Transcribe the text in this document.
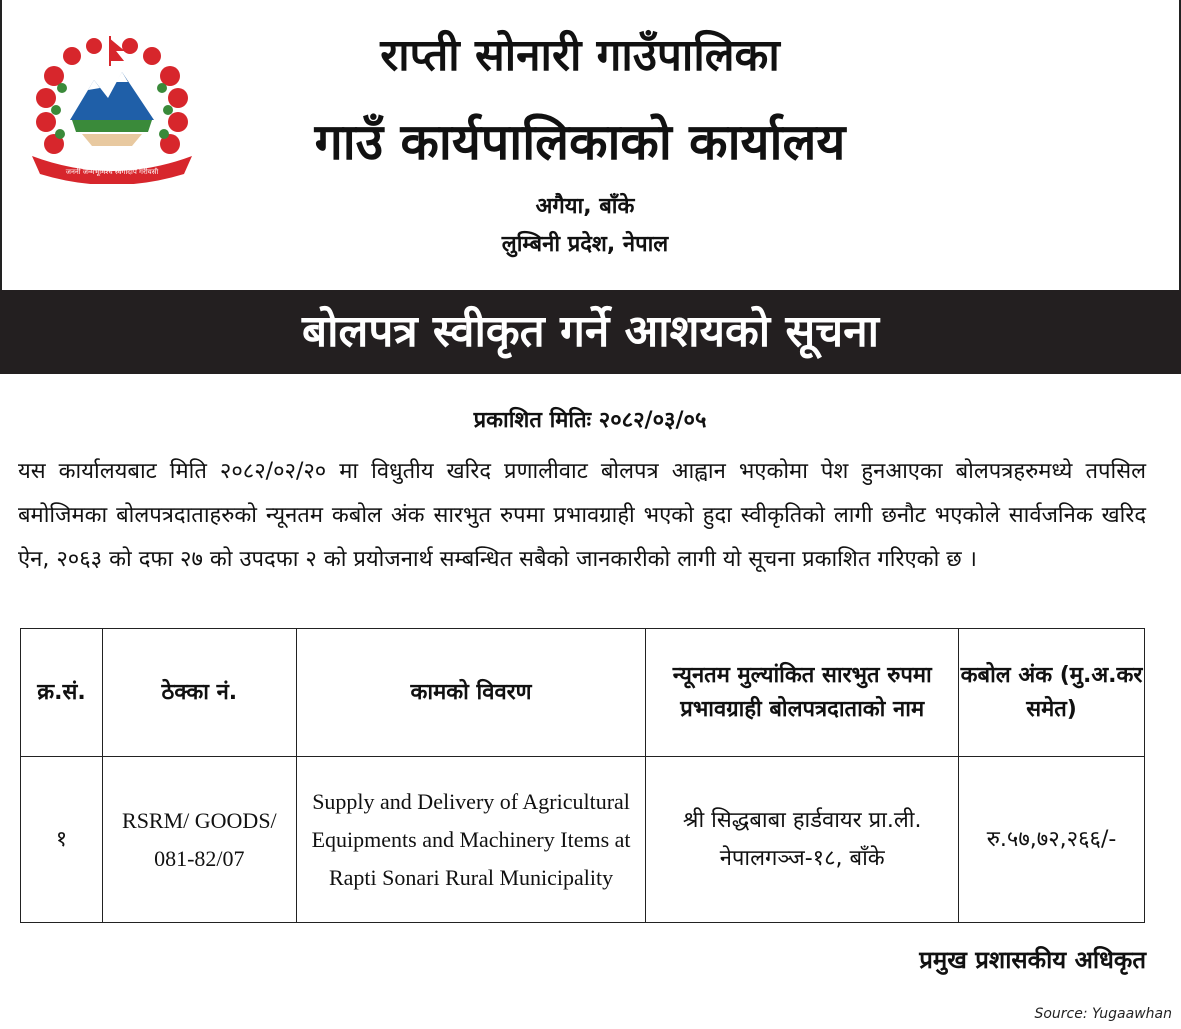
जननी जन्मभूमिश्च स्वर्गादपि गरीयसी
राप्ती सोनारी गाउँपालिका
गाउँ कार्यपालिकाको कार्यालय
अगैया, बाँके
लुम्बिनी प्रदेश, नेपाल
बोलपत्र स्वीकृत गर्ने आशयको सूचना
प्रकाशित मितिः २०८२/०३/०५

यस कार्यालयबाट मिति २०८२/०२/२० मा विधुतीय खरिद प्रणालीवाट बोलपत्र आह्वान भएकोमा पेश हुनआएका बोलपत्रहरुमध्ये तपसिल बमोजिमका बोलपत्रदाताहरुको न्यूनतम कबोल अंक सारभुत रुपमा प्रभावग्राही भएको हुदा स्वीकृतिको लागी छनौट भएकोले सार्वजनिक खरिद ऐन, २०६३ को दफा २७ को उपदफा २ को प्रयोजनार्थ सम्बन्धित सबैको जानकारीको लागी यो सूचना प्रकाशित गरिएको छ ।

क्र.सं.	ठेक्का नं.	कामको विवरण	न्यूनतम मुल्यांकित सारभुत रुपमा प्रभावग्राही बोलपत्रदाताको नाम	कबोल अंक (मु.अ.कर समेत)
१	RSRM/ GOODS/ 081-82/07	Supply and Delivery of Agricultural Equipments and Machinery Items at Rapti Sonari Rural Municipality	श्री सिद्धबाबा हार्डवायर प्रा.ली. नेपालगञ्ज-१८, बाँके	रु.५७,७२,२६६/-
प्रमुख प्रशासकीय अधिकृत
Source: Yugaawhan
